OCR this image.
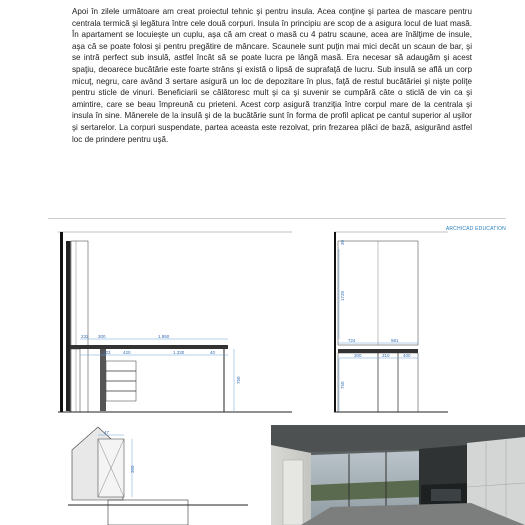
Apoi în zilele următoare am creat proiectul tehnic şi pentru insula. Acea conţine şi partea de mascare pentru centrala termică şi legătura între cele două corpuri. Insula în principiu are scop de a asigura locul de luat masă. În apartament se locuieşte un cuplu, aşa că am creat o masă cu 4 patru scaune, acea are înălţime de insule, aşa că se poate folosi şi pentru pregătire de mâncare. Scaunele sunt puţin mai mici decât un scaun de bar, şi se intră perfect sub insulă, astfel încât să se poate lucra pe lângă masă. Era necesar să adaugăm şi acest spaţiu, deoarece bucătărie este foarte strâns şi există o lipsă de suprafaţă de lucru. Sub insulă se află un corp micuţ, negru, care având 3 sertare asigură un loc de depozitare în plus, faţă de restul bucătăriei şi nişte poliţe pentru sticle de vinuri. Beneficiarii se călătoresc mult şi ca şi suvenir se cumpără câte o sticlă de vin ca şi amintire, care se beau împreună cu prieteni. Acest corp asigură tranziţia între corpul mare de la centrala şi insula în sine. Mânerele de la insulă şi de la bucătărie sunt în forma de profil aplicat pe cantul superior al uşilor şi sertarelor. La corpuri suspendate, partea aceasta este rezolvat, prin frezarea plăci de bază, asigurând astfel loc de prindere pentru uşă.

ARCHICAD EDUCATION
232 300	1.950
523	420	1.330	40
750
30
1720
724	581
300	310	400
750
47
350
